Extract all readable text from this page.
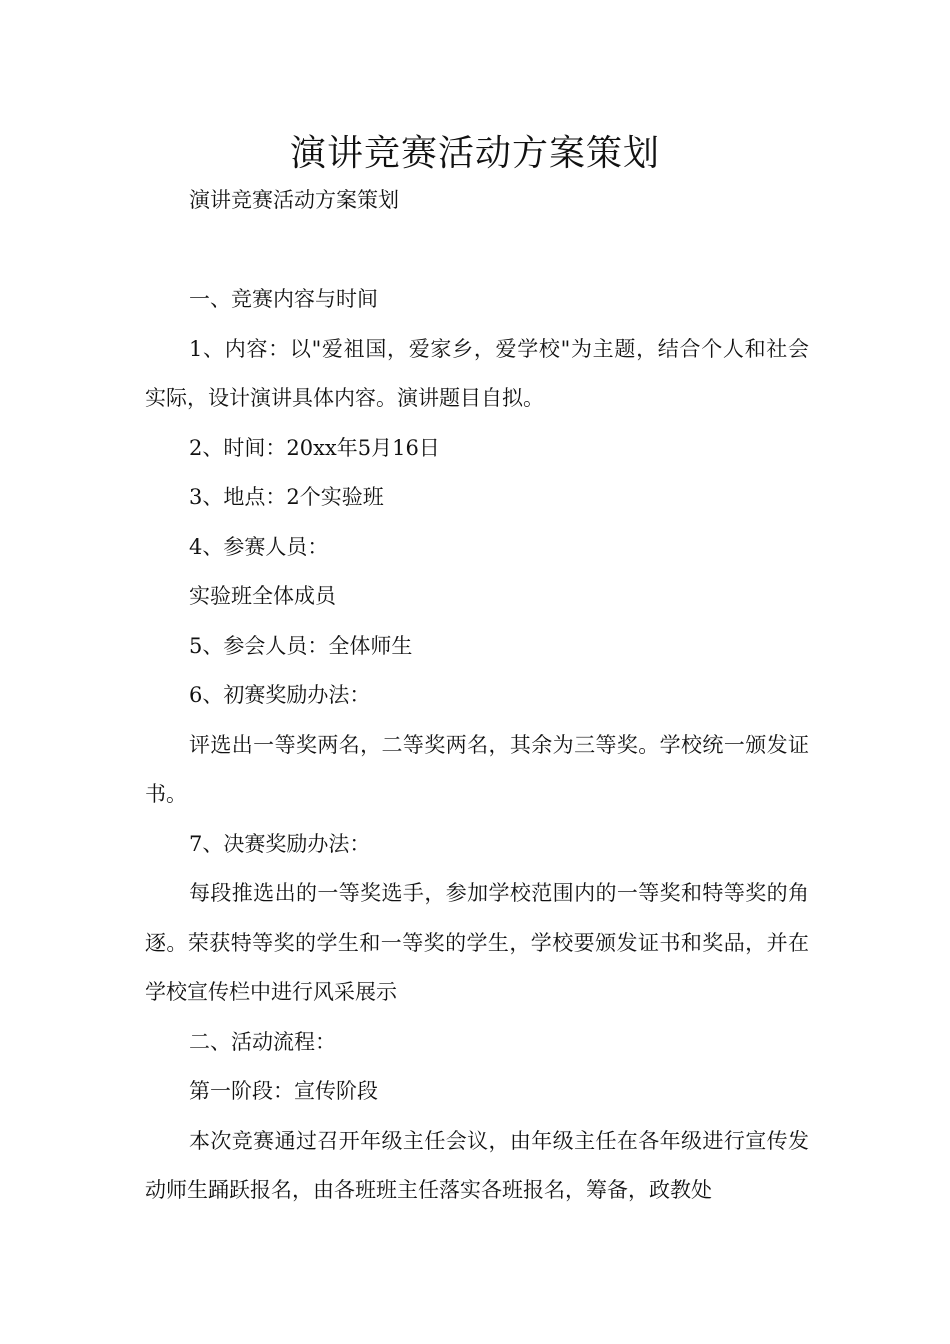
演讲竞赛活动方案策划

演讲竞赛活动方案策划

一、竞赛内容与时间

1、内容：以"爱祖国，爱家乡，爱学校"为主题，结合个人和社会实际，设计演讲具体内容。演讲题目自拟。

2、时间：20xx年5月16日

3、地点：2个实验班

4、参赛人员：

实验班全体成员

5、参会人员：全体师生

6、初赛奖励办法：

评选出一等奖两名，二等奖两名，其余为三等奖。学校统一颁发证书。

7、决赛奖励办法：

每段推选出的一等奖选手，参加学校范围内的一等奖和特等奖的角逐。荣获特等奖的学生和一等奖的学生，学校要颁发证书和奖品，并在学校宣传栏中进行风采展示

二、活动流程：

第一阶段：宣传阶段

本次竞赛通过召开年级主任会议，由年级主任在各年级进行宣传发动师生踊跃报名，由各班班主任落实各班报名，筹备，政教处
